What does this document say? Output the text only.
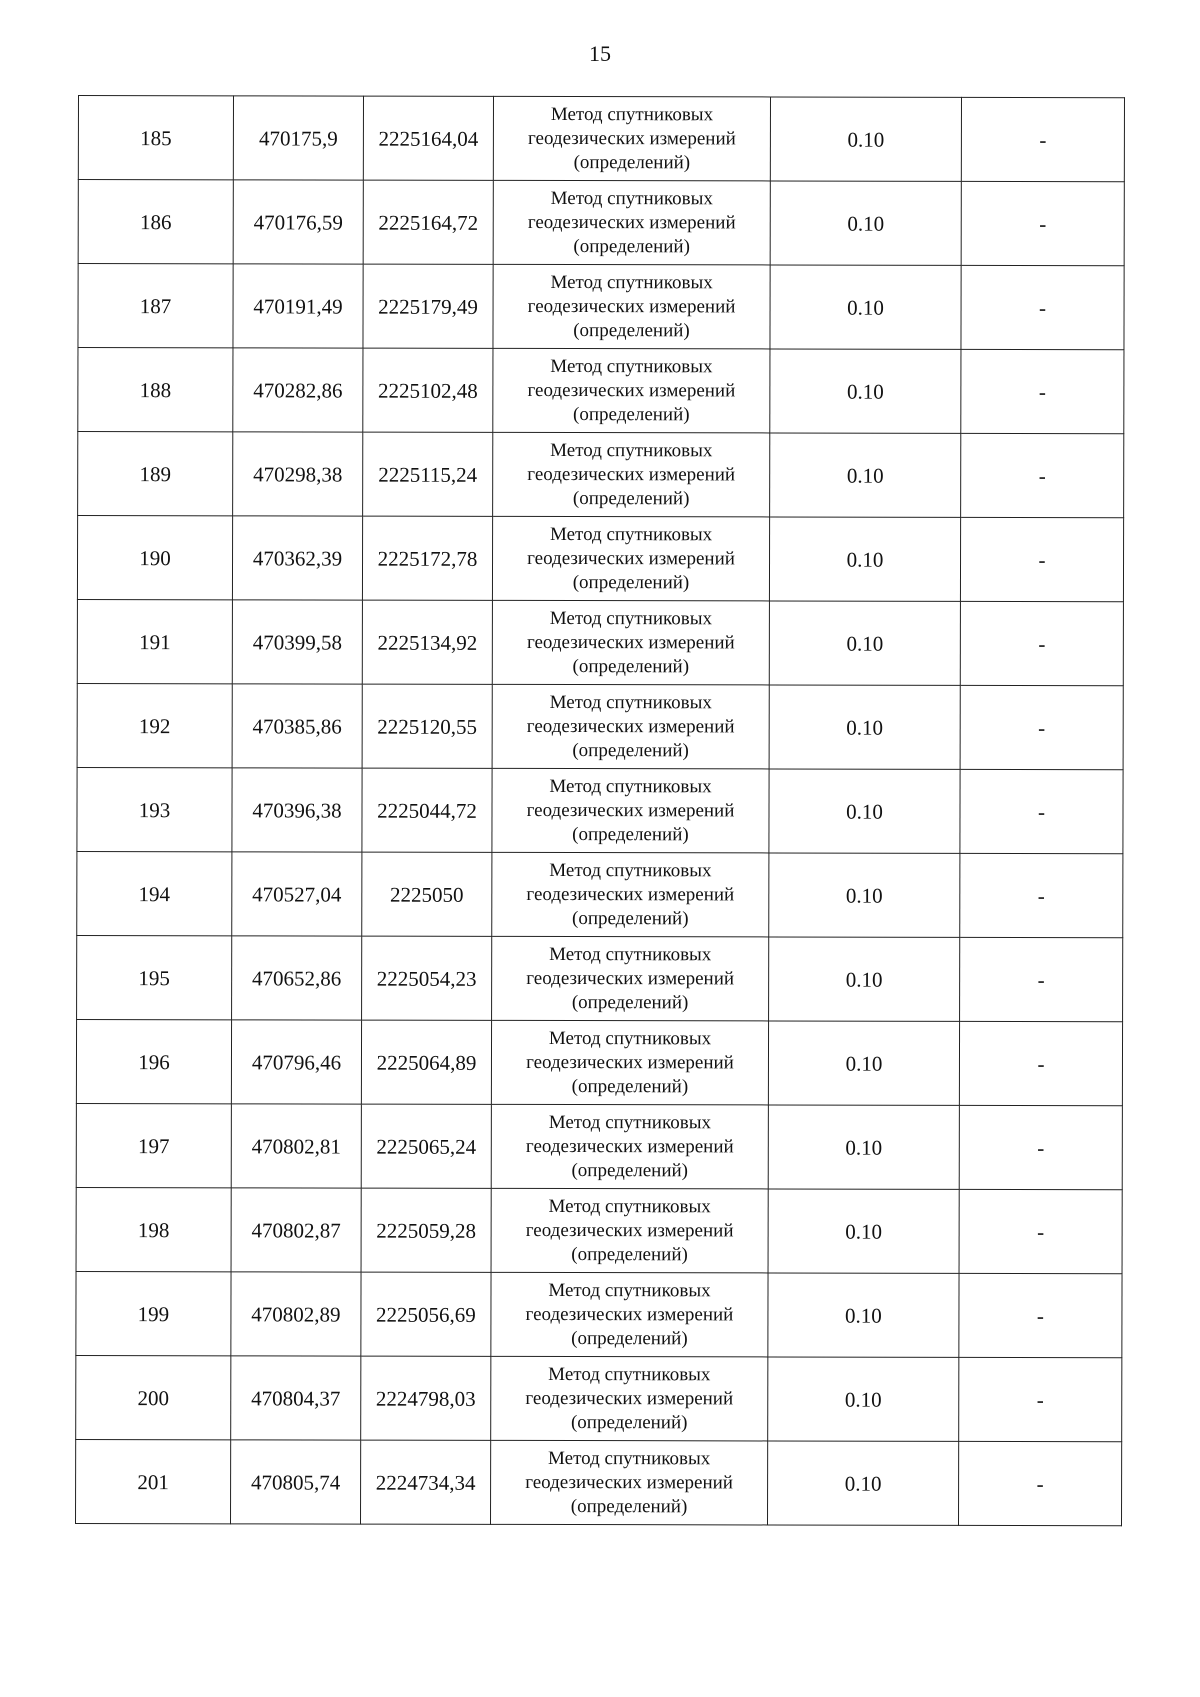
15
185	470175,9	2225164,04	Метод спутниковых
геодезических измерений
(определений)	0.10	-
186	470176,59	2225164,72	Метод спутниковых
геодезических измерений
(определений)	0.10	-
187	470191,49	2225179,49	Метод спутниковых
геодезических измерений
(определений)	0.10	-
188	470282,86	2225102,48	Метод спутниковых
геодезических измерений
(определений)	0.10	-
189	470298,38	2225115,24	Метод спутниковых
геодезических измерений
(определений)	0.10	-
190	470362,39	2225172,78	Метод спутниковых
геодезических измерений
(определений)	0.10	-
191	470399,58	2225134,92	Метод спутниковых
геодезических измерений
(определений)	0.10	-
192	470385,86	2225120,55	Метод спутниковых
геодезических измерений
(определений)	0.10	-
193	470396,38	2225044,72	Метод спутниковых
геодезических измерений
(определений)	0.10	-
194	470527,04	2225050	Метод спутниковых
геодезических измерений
(определений)	0.10	-
195	470652,86	2225054,23	Метод спутниковых
геодезических измерений
(определений)	0.10	-
196	470796,46	2225064,89	Метод спутниковых
геодезических измерений
(определений)	0.10	-
197	470802,81	2225065,24	Метод спутниковых
геодезических измерений
(определений)	0.10	-
198	470802,87	2225059,28	Метод спутниковых
геодезических измерений
(определений)	0.10	-
199	470802,89	2225056,69	Метод спутниковых
геодезических измерений
(определений)	0.10	-
200	470804,37	2224798,03	Метод спутниковых
геодезических измерений
(определений)	0.10	-
201	470805,74	2224734,34	Метод спутниковых
геодезических измерений
(определений)	0.10	-
